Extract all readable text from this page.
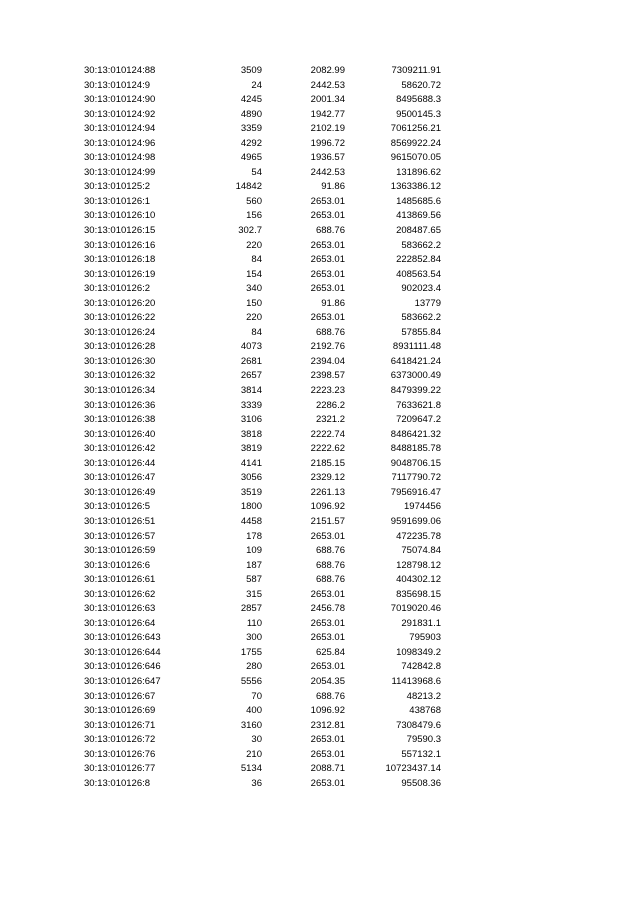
30:13:010124:88	3509	2082.99	7309211.91
30:13:010124:9	24	2442.53	58620.72
30:13:010124:90	4245	2001.34	8495688.3
30:13:010124:92	4890	1942.77	9500145.3
30:13:010124:94	3359	2102.19	7061256.21
30:13:010124:96	4292	1996.72	8569922.24
30:13:010124:98	4965	1936.57	9615070.05
30:13:010124:99	54	2442.53	131896.62
30:13:010125:2	14842	91.86	1363386.12
30:13:010126:1	560	2653.01	1485685.6
30:13:010126:10	156	2653.01	413869.56
30:13:010126:15	302.7	688.76	208487.65
30:13:010126:16	220	2653.01	583662.2
30:13:010126:18	84	2653.01	222852.84
30:13:010126:19	154	2653.01	408563.54
30:13:010126:2	340	2653.01	902023.4
30:13:010126:20	150	91.86	13779
30:13:010126:22	220	2653.01	583662.2
30:13:010126:24	84	688.76	57855.84
30:13:010126:28	4073	2192.76	8931111.48
30:13:010126:30	2681	2394.04	6418421.24
30:13:010126:32	2657	2398.57	6373000.49
30:13:010126:34	3814	2223.23	8479399.22
30:13:010126:36	3339	2286.2	7633621.8
30:13:010126:38	3106	2321.2	7209647.2
30:13:010126:40	3818	2222.74	8486421.32
30:13:010126:42	3819	2222.62	8488185.78
30:13:010126:44	4141	2185.15	9048706.15
30:13:010126:47	3056	2329.12	7117790.72
30:13:010126:49	3519	2261.13	7956916.47
30:13:010126:5	1800	1096.92	1974456
30:13:010126:51	4458	2151.57	9591699.06
30:13:010126:57	178	2653.01	472235.78
30:13:010126:59	109	688.76	75074.84
30:13:010126:6	187	688.76	128798.12
30:13:010126:61	587	688.76	404302.12
30:13:010126:62	315	2653.01	835698.15
30:13:010126:63	2857	2456.78	7019020.46
30:13:010126:64	110	2653.01	291831.1
30:13:010126:643	300	2653.01	795903
30:13:010126:644	1755	625.84	1098349.2
30:13:010126:646	280	2653.01	742842.8
30:13:010126:647	5556	2054.35	11413968.6
30:13:010126:67	70	688.76	48213.2
30:13:010126:69	400	1096.92	438768
30:13:010126:71	3160	2312.81	7308479.6
30:13:010126:72	30	2653.01	79590.3
30:13:010126:76	210	2653.01	557132.1
30:13:010126:77	5134	2088.71	10723437.14
30:13:010126:8	36	2653.01	95508.36
